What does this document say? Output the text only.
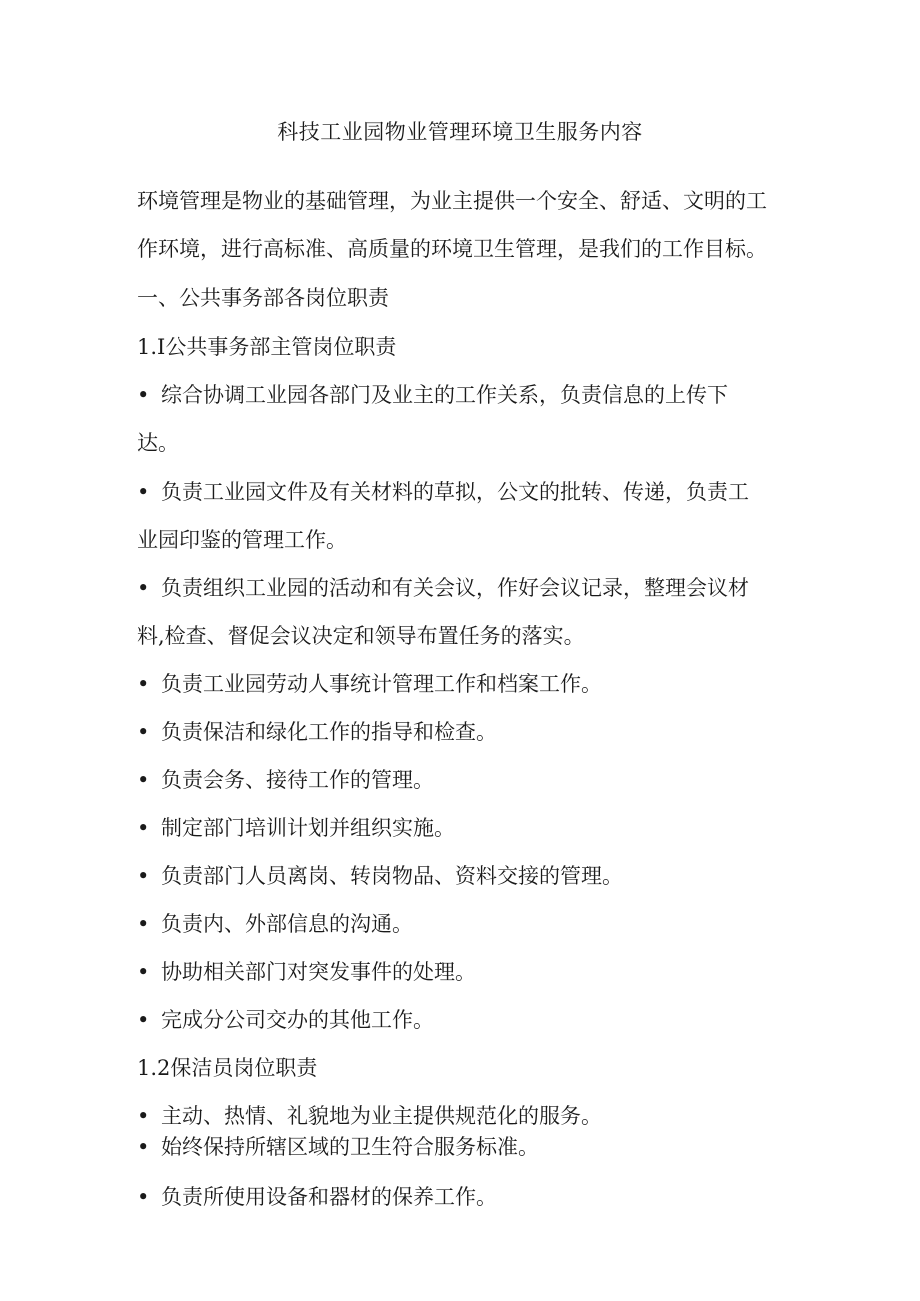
科技工业园物业管理环境卫生服务内容
环境管理是物业的基础管理，为业主提供一个安全、舒适、文明的工
作环境，进行高标准、高质量的环境卫生管理，是我们的工作目标。
一、公共事务部各岗位职责
1.I公共事务部主管岗位职责
• 综合协调工业园各部门及业主的工作关系，负责信息的上传下
达。
• 负责工业园文件及有关材料的草拟，公文的批转、传递，负责工
业园印鉴的管理工作。
• 负责组织工业园的活动和有关会议，作好会议记录，整理会议材
料,检查、督促会议决定和领导布置任务的落实。
• 负责工业园劳动人事统计管理工作和档案工作。
• 负责保洁和绿化工作的指导和检查。
• 负责会务、接待工作的管理。
• 制定部门培训计划并组织实施。
• 负责部门人员离岗、转岗物品、资料交接的管理。
• 负责内、外部信息的沟通。
• 协助相关部门对突发事件的处理。
• 完成分公司交办的其他工作。
1.2保洁员岗位职责
• 主动、热情、礼貌地为业主提供规范化的服务。
• 始终保持所辖区域的卫生符合服务标准。
• 负责所使用设备和器材的保养工作。
